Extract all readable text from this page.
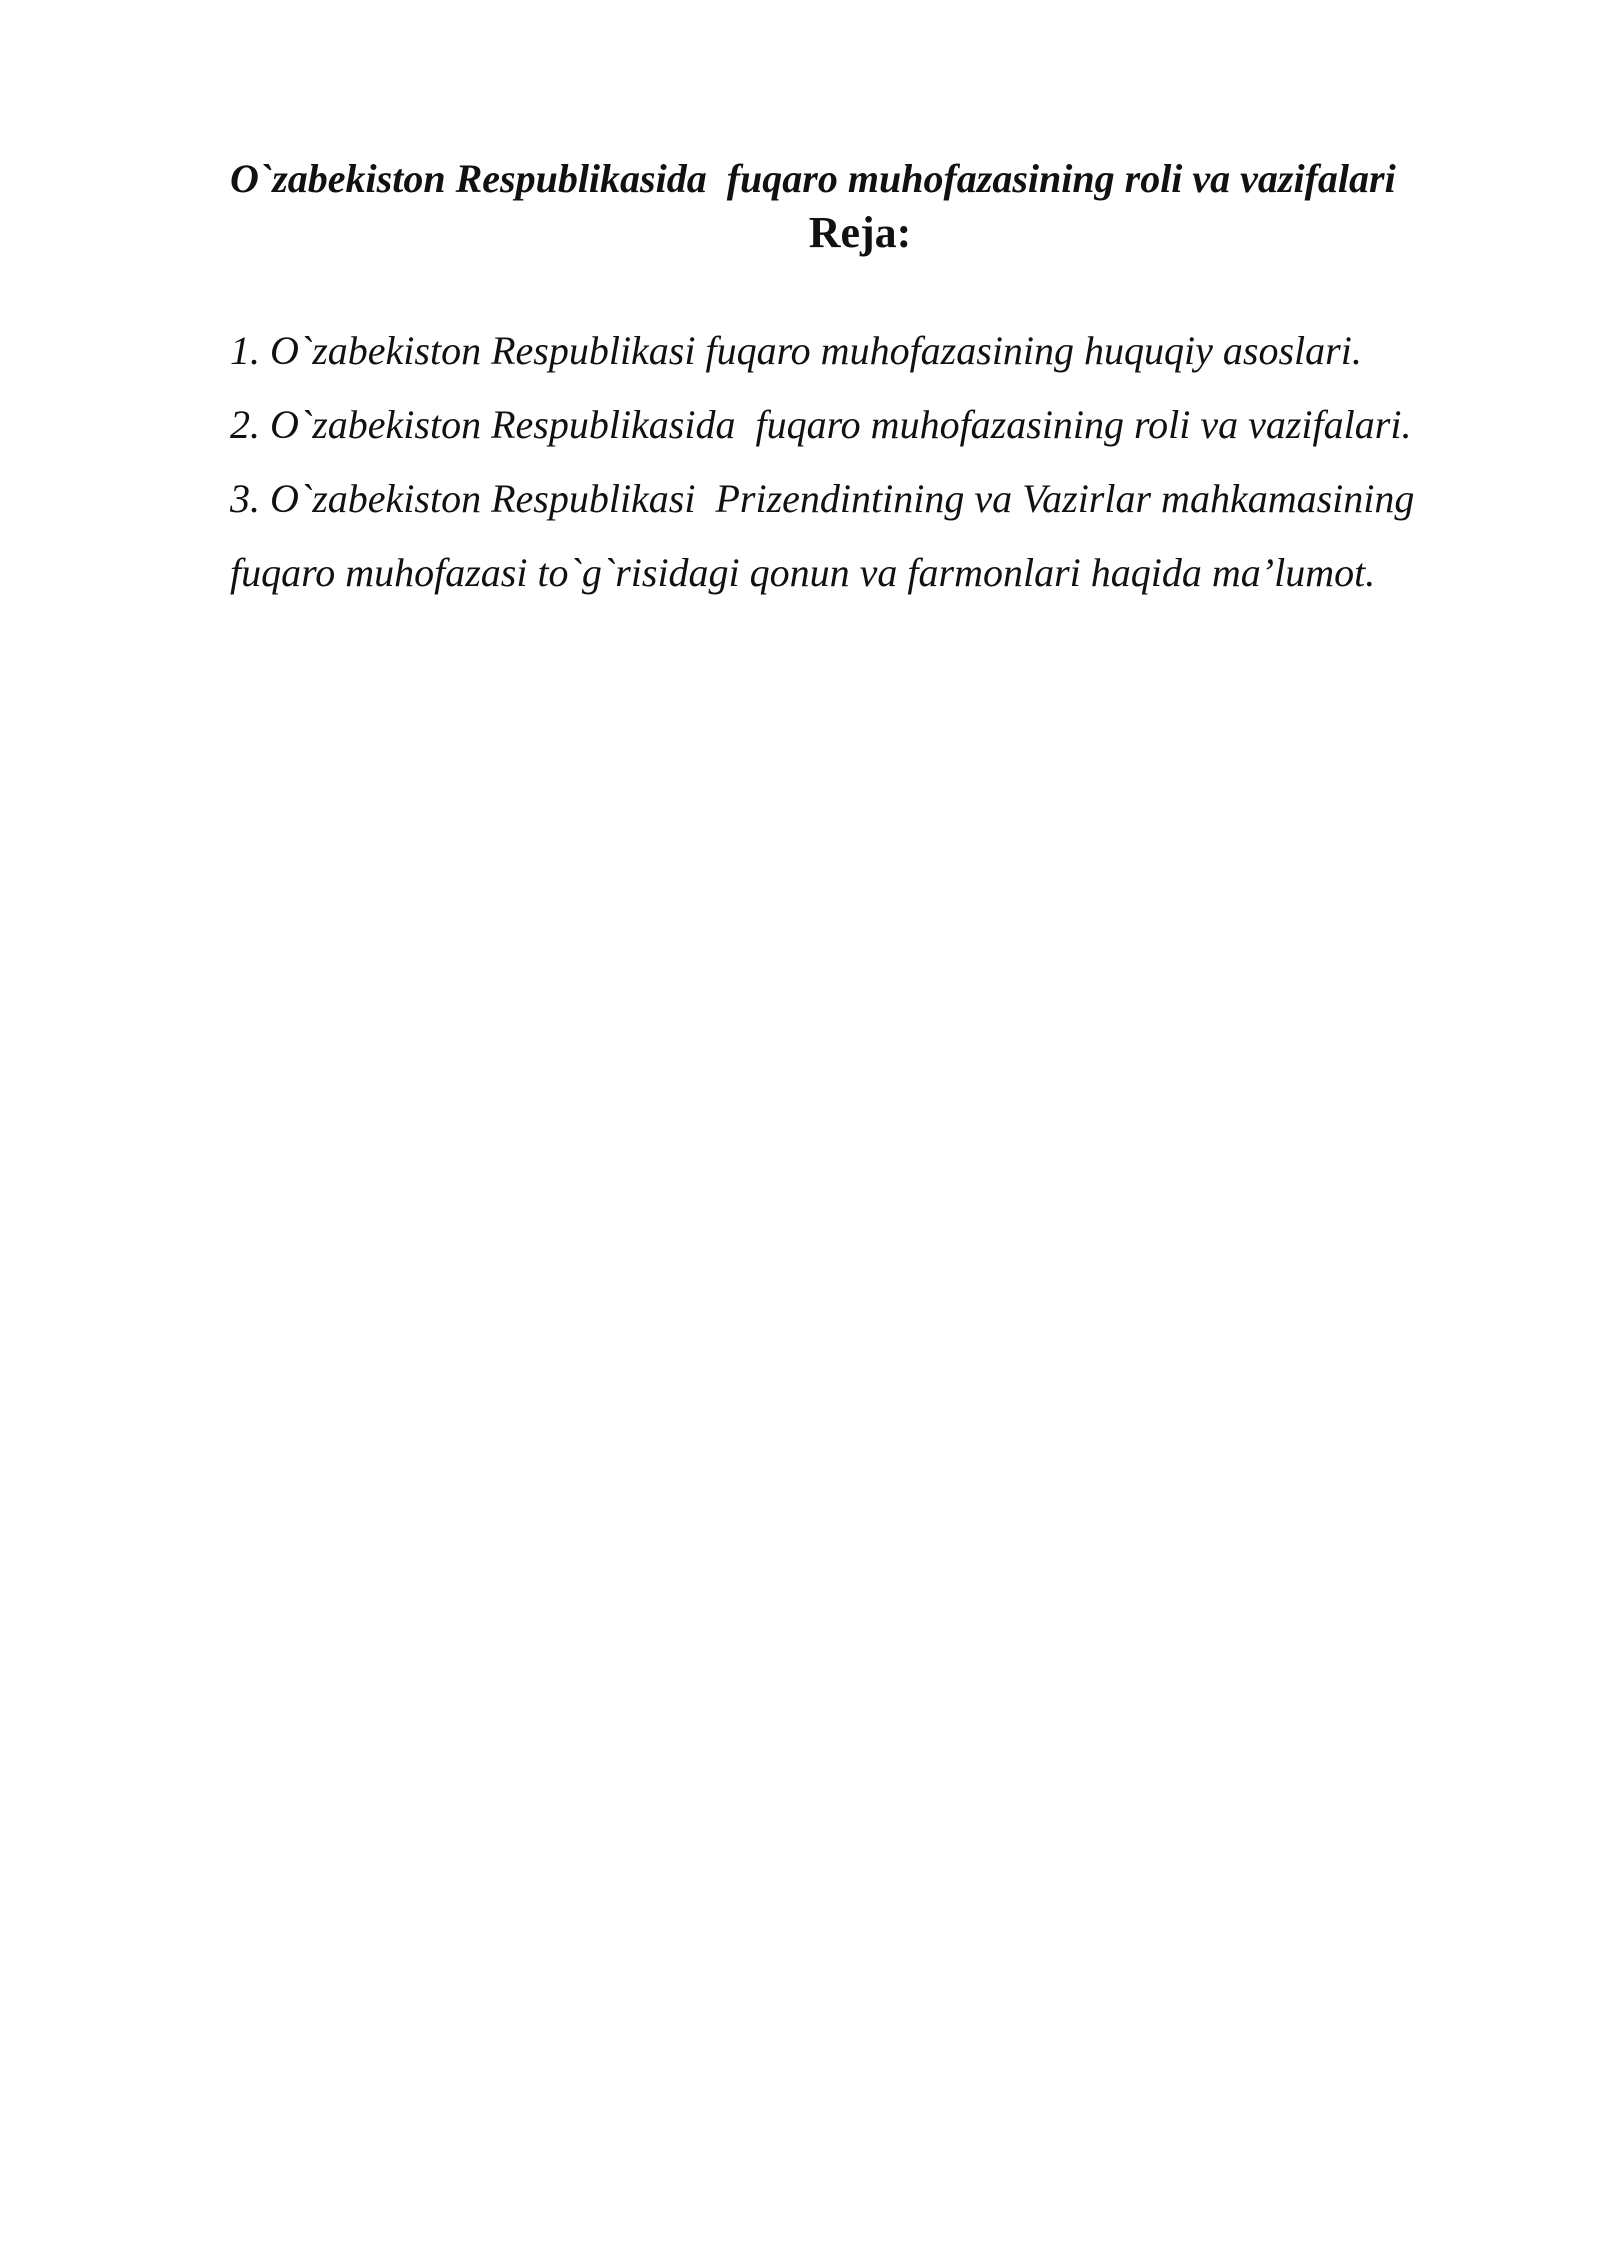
O`zabekiston Respublikasida  fuqaro muhofazasining roli va vazifalari
Reja:
1. O`zabekiston Respublikasi fuqaro muhofazasining huquqiy asoslari.
2. O`zabekiston Respublikasida  fuqaro muhofazasining roli va vazifalari.
3. O`zabekiston Respublikasi  Prizendintining va Vazirlar mahkamasining fuqaro muhofazasi to`g`risidagi qonun va farmonlari haqida ma’lumot.
